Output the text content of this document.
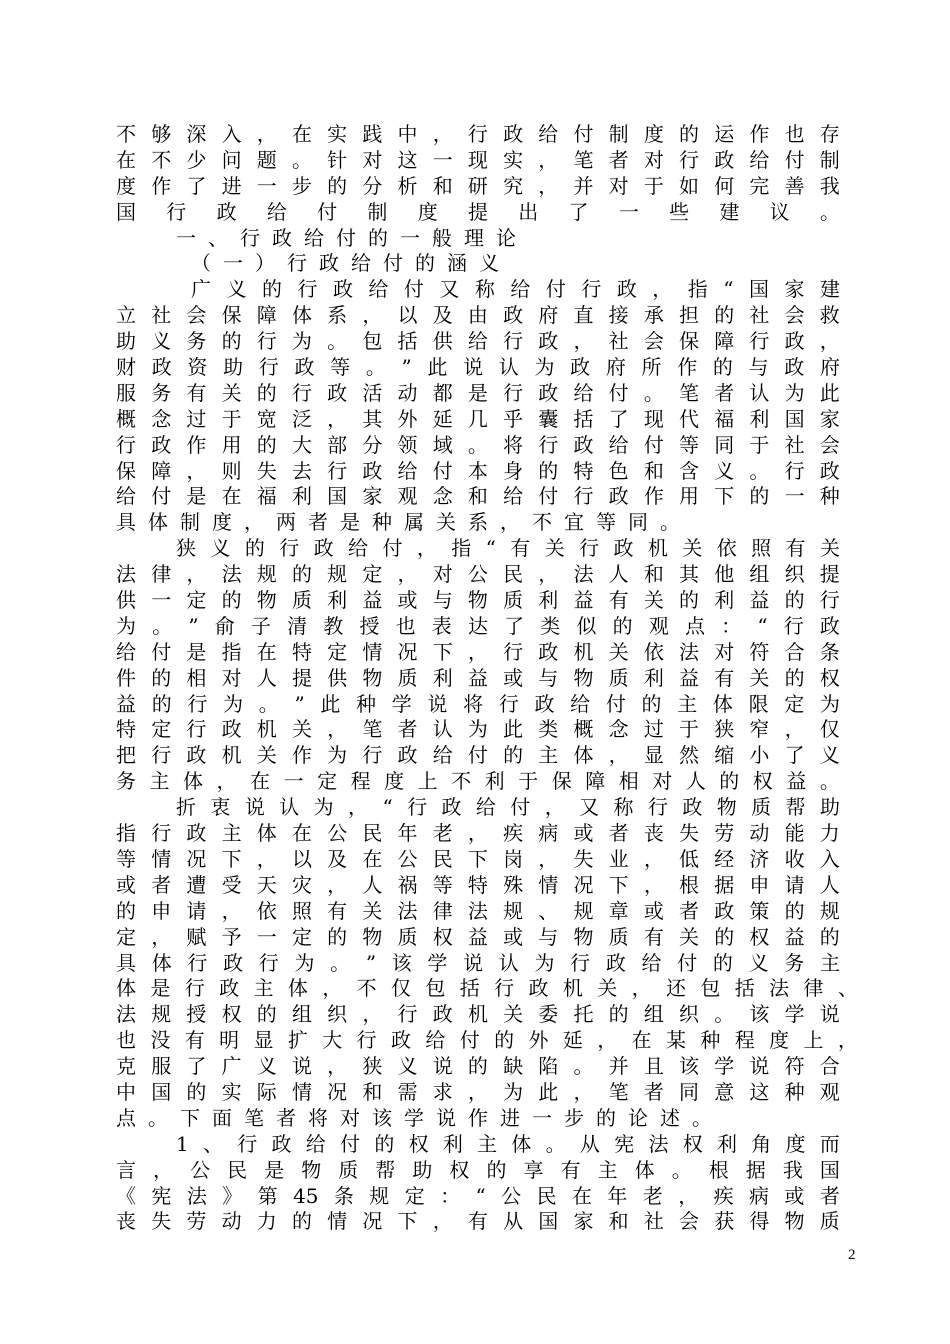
不 够 深 入 ， 在 实 践 中 ， 行 政 给 付 制 度 的 运 作 也 存
在 不 少 问 题 。 针 对 这 一 现 实 ， 笔 者 对 行 政 给 付 制
度 作 了 进 一 步 的 分 析 和 研 究 ， 并 对 于 如 何 完 善 我
国 行 政 给 付 制 度 提 出 了 一 些 建 议 。
一 、 行 政 给 付 的 一 般 理 论
（ 一 ） 行 政 给 付 的 涵 义
广 义 的 行 政 给 付 又 称 给 付 行 政 ， 指 “ 国 家 建
立 社 会 保 障 体 系 ， 以 及 由 政 府 直 接 承 担 的 社 会 救
助 义 务 的 行 为 。 包 括 供 给 行 政 ， 社 会 保 障 行 政 ，
财 政 资 助 行 政 等 。 ” 此 说 认 为 政 府 所 作 的 与 政 府
服 务 有 关 的 行 政 活 动 都 是 行 政 给 付 。 笔 者 认 为 此
概 念 过 于 宽 泛 ， 其 外 延 几 乎 囊 括 了 现 代 福 利 国 家
行 政 作 用 的 大 部 分 领 域 。 将 行 政 给 付 等 同 于 社 会
保 障 ， 则 失 去 行 政 给 付 本 身 的 特 色 和 含 义 。 行 政
给 付 是 在 福 利 国 家 观 念 和 给 付 行 政 作 用 下 的 一 种
具 体 制 度 ， 两 者 是 种 属 关 系 ， 不 宜 等 同 。
狭 义 的 行 政 给 付 ， 指 “ 有 关 行 政 机 关 依 照 有 关
法 律 ， 法 规 的 规 定 ， 对 公 民 ， 法 人 和 其 他 组 织 提
供 一 定 的 物 质 利 益 或 与 物 质 利 益 有 关 的 利 益 的 行
为 。 ” 俞 子 清 教 授 也 表 达 了 类 似 的 观 点 ： “ 行 政
给 付 是 指 在 特 定 情 况 下 ， 行 政 机 关 依 法 对 符 合 条
件 的 相 对 人 提 供 物 质 利 益 或 与 物 质 利 益 有 关 的 权
益 的 行 为 。 ” 此 种 学 说 将 行 政 给 付 的 主 体 限 定 为
特 定 行 政 机 关 ， 笔 者 认 为 此 类 概 念 过 于 狭 窄 ， 仅
把 行 政 机 关 作 为 行 政 给 付 的 主 体 ， 显 然 缩 小 了 义
务 主 体 ， 在 一 定 程 度 上 不 利 于 保 障 相 对 人 的 权 益 。
折 衷 说 认 为 ， “ 行 政 给 付 ， 又 称 行 政 物 质 帮 助
指 行 政 主 体 在 公 民 年 老 ， 疾 病 或 者 丧 失 劳 动 能 力
等 情 况 下 ， 以 及 在 公 民 下 岗 ， 失 业 ， 低 经 济 收 入
或 者 遭 受 天 灾 ， 人 祸 等 特 殊 情 况 下 ， 根 据 申 请 人
的 申 请 ， 依 照 有 关 法 律 法 规 、 规 章 或 者 政 策 的 规
定 ， 赋 予 一 定 的 物 质 权 益 或 与 物 质 有 关 的 权 益 的
具 体 行 政 行 为 。 ” 该 学 说 认 为 行 政 给 付 的 义 务 主
体 是 行 政 主 体 ， 不 仅 包 括 行 政 机 关 ， 还 包 括 法 律 、
法 规 授 权 的 组 织 ， 行 政 机 关 委 托 的 组 织 。 该 学 说
也 没 有 明 显 扩 大 行 政 给 付 的 外 延 ， 在 某 种 程 度 上 ，
克 服 了 广 义 说 ， 狭 义 说 的 缺 陷 。 并 且 该 学 说 符 合
中 国 的 实 际 情 况 和 需 求 ， 为 此 ， 笔 者 同 意 这 种 观
点 。 下 面 笔 者 将 对 该 学 说 作 进 一 步 的 论 述 。
1 、 行 政 给 付 的 权 利 主 体 。 从 宪 法 权 利 角 度 而
言 ， 公 民 是 物 质 帮 助 权 的 享 有 主 体 。 根 据 我 国
《 宪 法 》 第 45 条 规 定 ： “ 公 民 在 年 老 ， 疾 病 或 者
丧 失 劳 动 力 的 情 况 下 ， 有 从 国 家 和 社 会 获 得 物 质
2
